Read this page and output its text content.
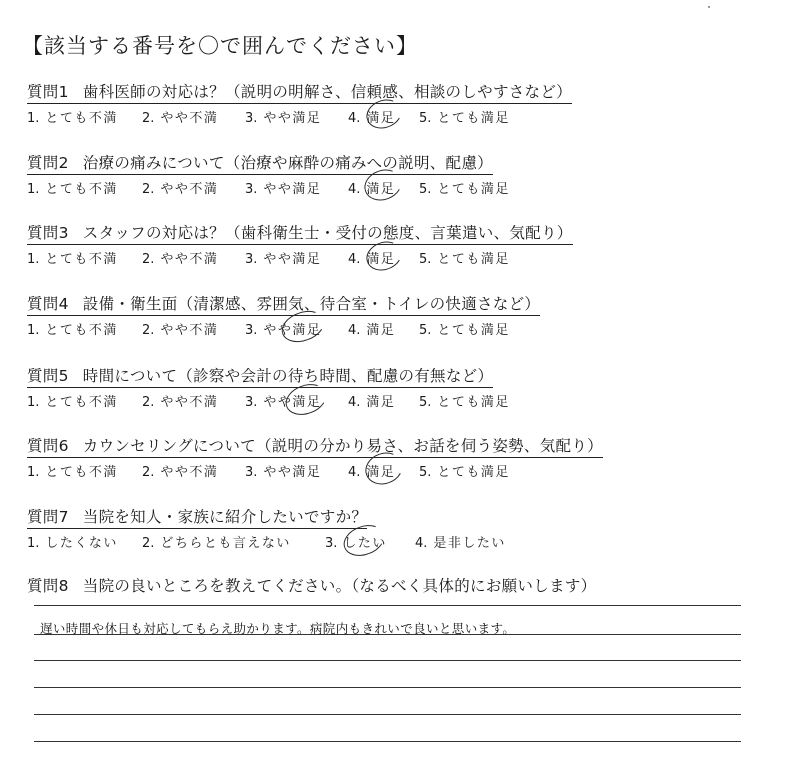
【該当する番号を〇で囲んでください】
質問1 歯科医師の対応は？（説明の明解さ、信頼感、相談のしやすさなど）
1. とても不満 2. やや不満 3. やや満足 4. 満足 5. とても満足
質問2 治療の痛みについて（治療や麻酔の痛みへの説明、配慮）
1. とても不満 2. やや不満 3. やや満足 4. 満足 5. とても満足
質問3 スタッフの対応は？（歯科衛生士・受付の態度、言葉遣い、気配り）
1. とても不満 2. やや不満 3. やや満足 4. 満足 5. とても満足
質問4 設備・衛生面（清潔感、雰囲気、待合室・トイレの快適さなど）
1. とても不満 2. やや不満 3. やや満足 4. 満足 5. とても満足
質問5 時間について（診察や会計の待ち時間、配慮の有無など）
1. とても不満 2. やや不満 3. やや満足 4. 満足 5. とても満足
質問6 カウンセリングについて（説明の分かり易さ、お話を伺う姿勢、気配り）
1. とても不満 2. やや不満 3. やや満足 4. 満足 5. とても満足
質問7 当院を知人・家族に紹介したいですか？
1. したくない 2. どちらとも言えない	3. したい 4. 是非したい
質問8 当院の良いところを教えてください。（なるべく具体的にお願いします）
遅い時間や休日も対応してもらえ助かります。病院内もきれいで良いと思います。
